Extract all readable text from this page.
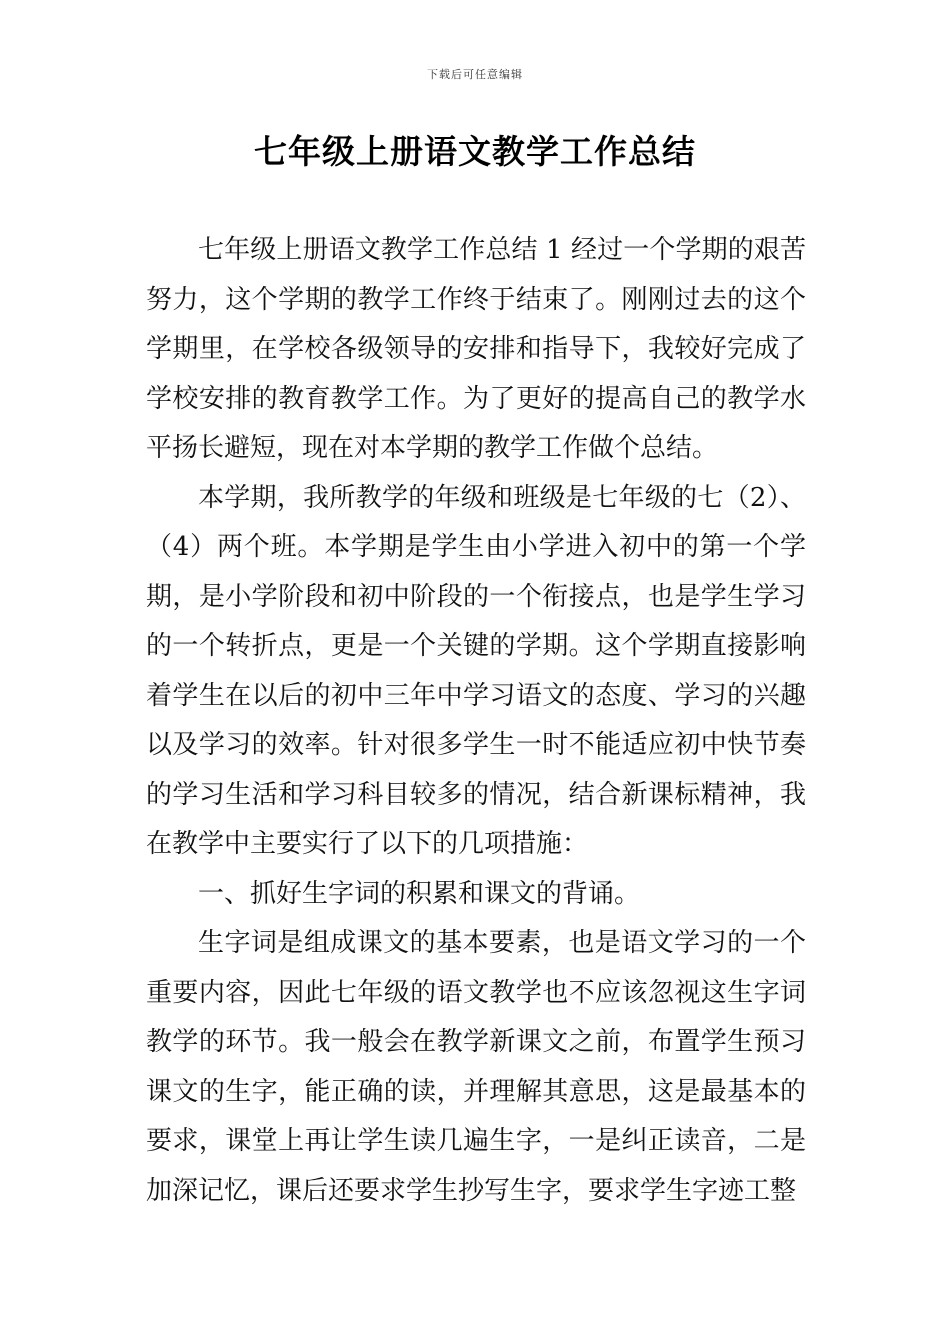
下载后可任意编辑
七年级上册语文教学工作总结

七年级上册语文教学工作总结 1 经过一个学期的艰苦努力，这个学期的教学工作终于结束了。刚刚过去的这个学期里，在学校各级领导的安排和指导下，我较好完成了学校安排的教育教学工作。为了更好的提高自己的教学水平扬长避短，现在对本学期的教学工作做个总结。

本学期，我所教学的年级和班级是七年级的七（2）、（4）两个班。本学期是学生由小学进入初中的第一个学期，是小学阶段和初中阶段的一个衔接点，也是学生学习的一个转折点，更是一个关键的学期。这个学期直接影响着学生在以后的初中三年中学习语文的态度、学习的兴趣以及学习的效率。针对很多学生一时不能适应初中快节奏的学习生活和学习科目较多的情况，结合新课标精神，我在教学中主要实行了以下的几项措施：

一、抓好生字词的积累和课文的背诵。

生字词是组成课文的基本要素，也是语文学习的一个重要内容，因此七年级的语文教学也不应该忽视这生字词教学的环节。我一般会在教学新课文之前，布置学生预习课文的生字，能正确的读，并理解其意思，这是最基本的要求，课堂上再让学生读几遍生字，一是纠正读音，二是加深记忆，课后还要求学生抄写生字，要求学生字迹工整
